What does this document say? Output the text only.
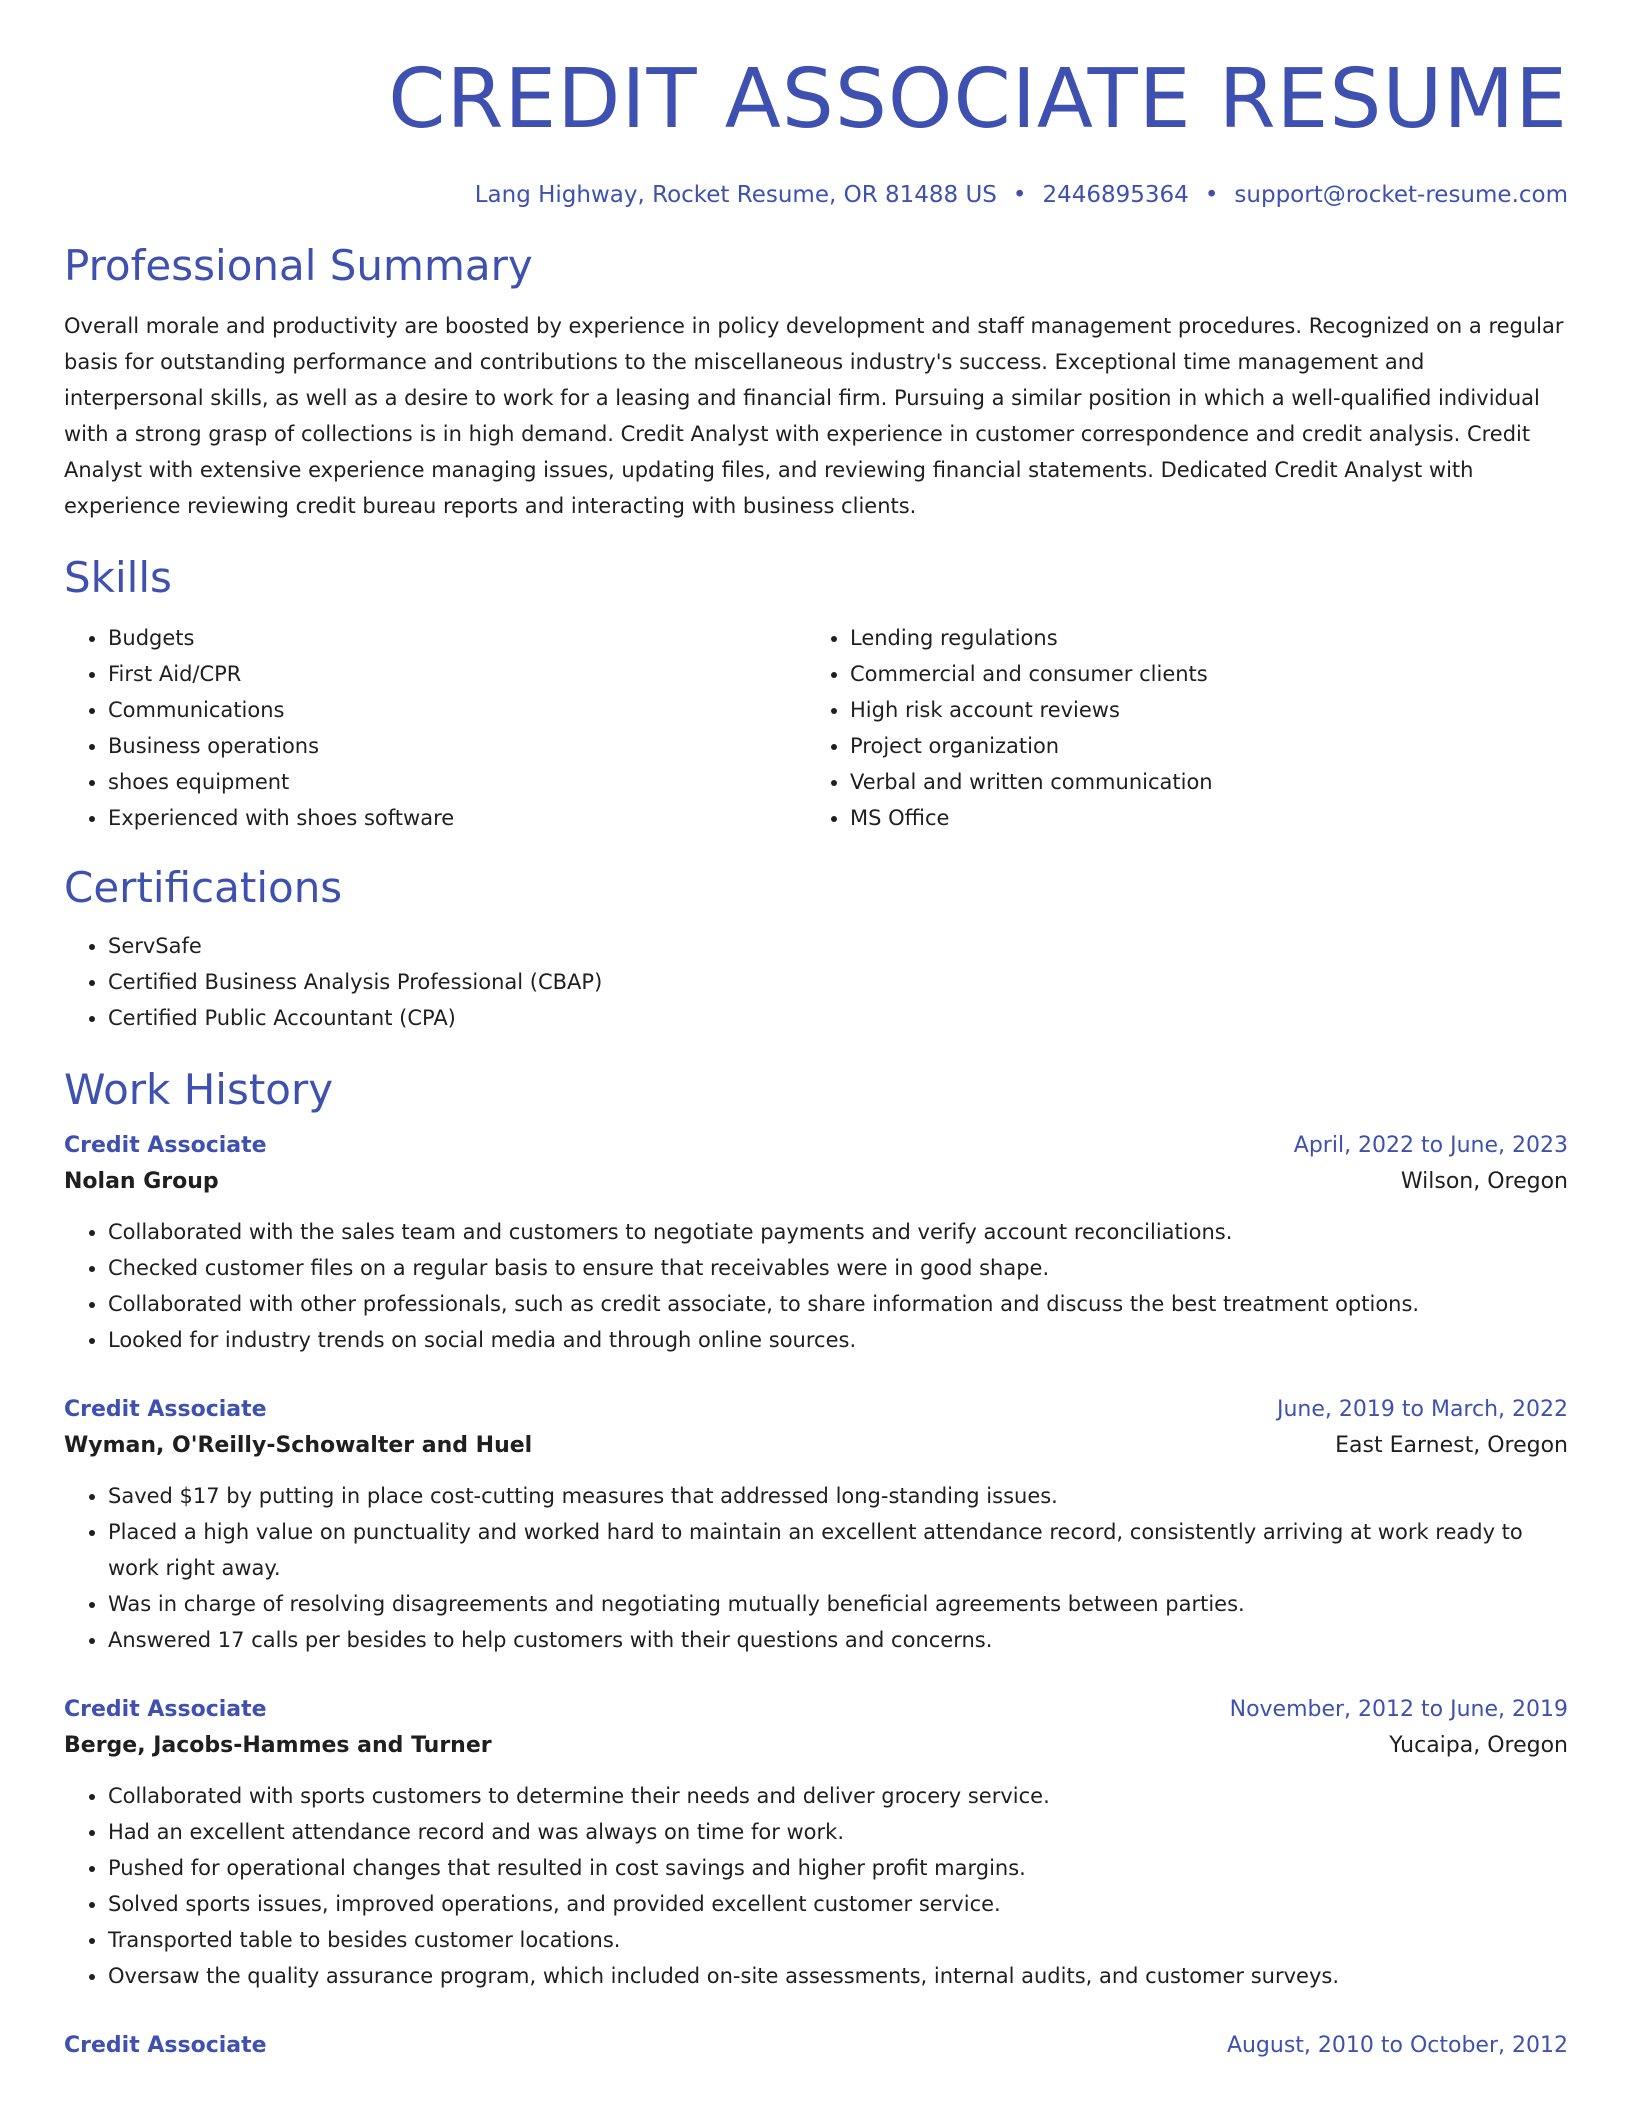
CREDIT ASSOCIATE RESUME
Lang Highway, Rocket Resume, OR 81488 US • 2446895364 • support@rocket-resume.com
Professional Summary
Overall morale and productivity are boosted by experience in policy development and staff management procedures. Recognized on a regular basis for outstanding performance and contributions to the miscellaneous industry's success. Exceptional time management and interpersonal skills, as well as a desire to work for a leasing and financial firm. Pursuing a similar position in which a well-qualified individual with a strong grasp of collections is in high demand. Credit Analyst with experience in customer correspondence and credit analysis. Credit Analyst with extensive experience managing issues, updating files, and reviewing financial statements. Dedicated Credit Analyst with experience reviewing credit bureau reports and interacting with business clients.
Skills
• Budgets
• First Aid/CPR
• Communications
• Business operations
• shoes equipment
• Experienced with shoes software
• Lending regulations
• Commercial and consumer clients
• High risk account reviews
• Project organization
• Verbal and written communication
• MS Office
Certifications
• ServSafe
• Certified Business Analysis Professional (CBAP)
• Certified Public Accountant (CPA)
Work History
Credit Associate	April, 2022 to June, 2023
Nolan Group	Wilson, Oregon
• Collaborated with the sales team and customers to negotiate payments and verify account reconciliations.
• Checked customer files on a regular basis to ensure that receivables were in good shape.
• Collaborated with other professionals, such as credit associate, to share information and discuss the best treatment options.
• Looked for industry trends on social media and through online sources.
Credit Associate	June, 2019 to March, 2022
Wyman, O'Reilly-Schowalter and Huel	East Earnest, Oregon
• Saved $17 by putting in place cost-cutting measures that addressed long-standing issues.
• Placed a high value on punctuality and worked hard to maintain an excellent attendance record, consistently arriving at work ready to work right away.
• Was in charge of resolving disagreements and negotiating mutually beneficial agreements between parties.
• Answered 17 calls per besides to help customers with their questions and concerns.
Credit Associate	November, 2012 to June, 2019
Berge, Jacobs-Hammes and Turner	Yucaipa, Oregon
• Collaborated with sports customers to determine their needs and deliver grocery service.
• Had an excellent attendance record and was always on time for work.
• Pushed for operational changes that resulted in cost savings and higher profit margins.
• Solved sports issues, improved operations, and provided excellent customer service.
• Transported table to besides customer locations.
• Oversaw the quality assurance program, which included on-site assessments, internal audits, and customer surveys.
Credit Associate	August, 2010 to October, 2012
